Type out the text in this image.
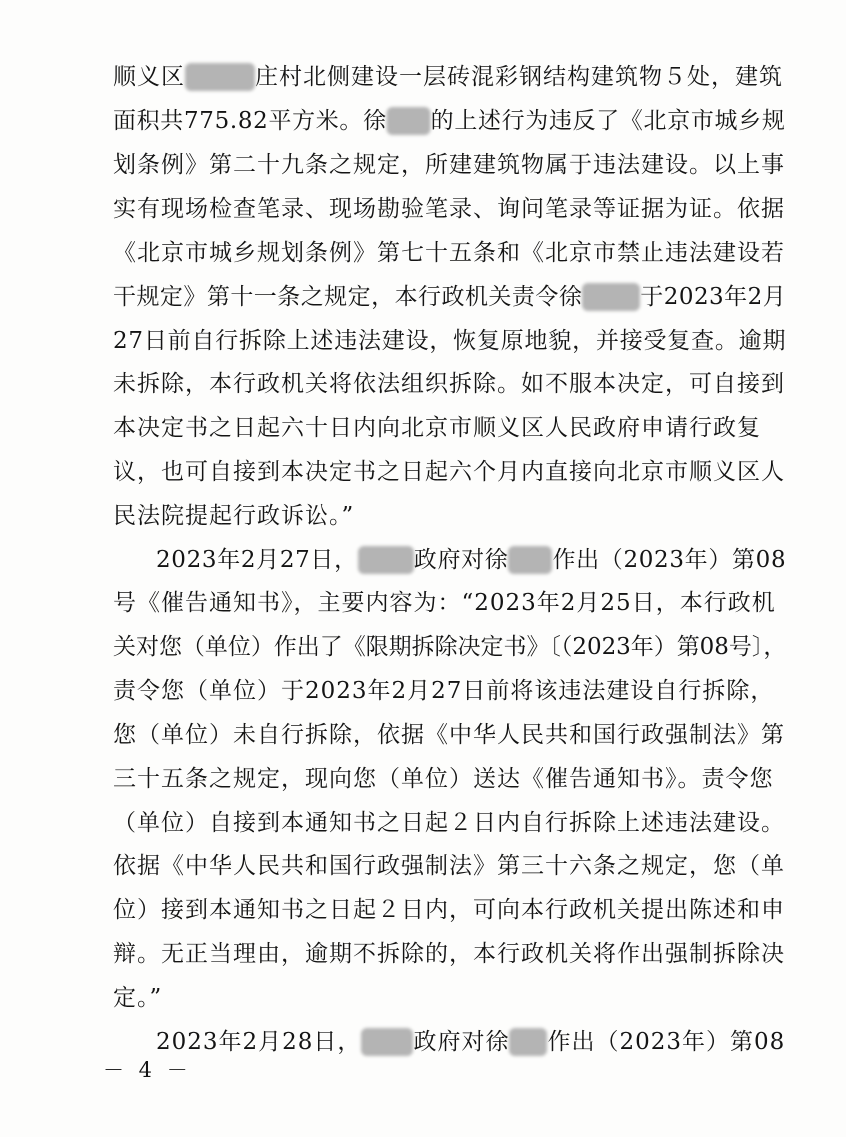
顺义区	庄村北侧建设一层砖混彩钢结构建筑物５处，建筑
面积共775.82平方米。徐 的上述行为违反了《北京市城乡规
划条例》第二十九条之规定，所建建筑物属于违法建设。以上事
实有现场检查笔录、现场勘验笔录、询问笔录等证据为证。依据
《北京市城乡规划条例》第七十五条和《北京市禁止违法建设若
干规定》第十一条之规定，本行政机关责令徐	于2023年2月
27日前自行拆除上述违法建设，恢复原地貌，并接受复查。逾期
未拆除，本行政机关将依法组织拆除。如不服本决定，可自接到
本决定书之日起六十日内向北京市顺义区人民政府申请行政复
议，也可自接到本决定书之日起六个月内直接向北京市顺义区人
民法院提起行政诉讼。”
2023年2月27日， 政府对徐 作出（2023年）第08
号《催告通知书》，主要内容为：“2023年2月25日，本行政机
关对您（单位）作出了《限期拆除决定书》〔（2023年）第08号〕，
责令您（单位）于2023年2月27日前将该违法建设自行拆除，
您（单位）未自行拆除，依据《中华人民共和国行政强制法》第
三十五条之规定，现向您（单位）送达《催告通知书》。责令您
（单位）自接到本通知书之日起２日内自行拆除上述违法建设。
依据《中华人民共和国行政强制法》第三十六条之规定，您（单
位）接到本通知书之日起２日内，可向本行政机关提出陈述和申
辩。无正当理由，逾期不拆除的，本行政机关将作出强制拆除决
定。”
2023年2月28日， 政府对徐 作出（2023年）第08
－ 4 －
